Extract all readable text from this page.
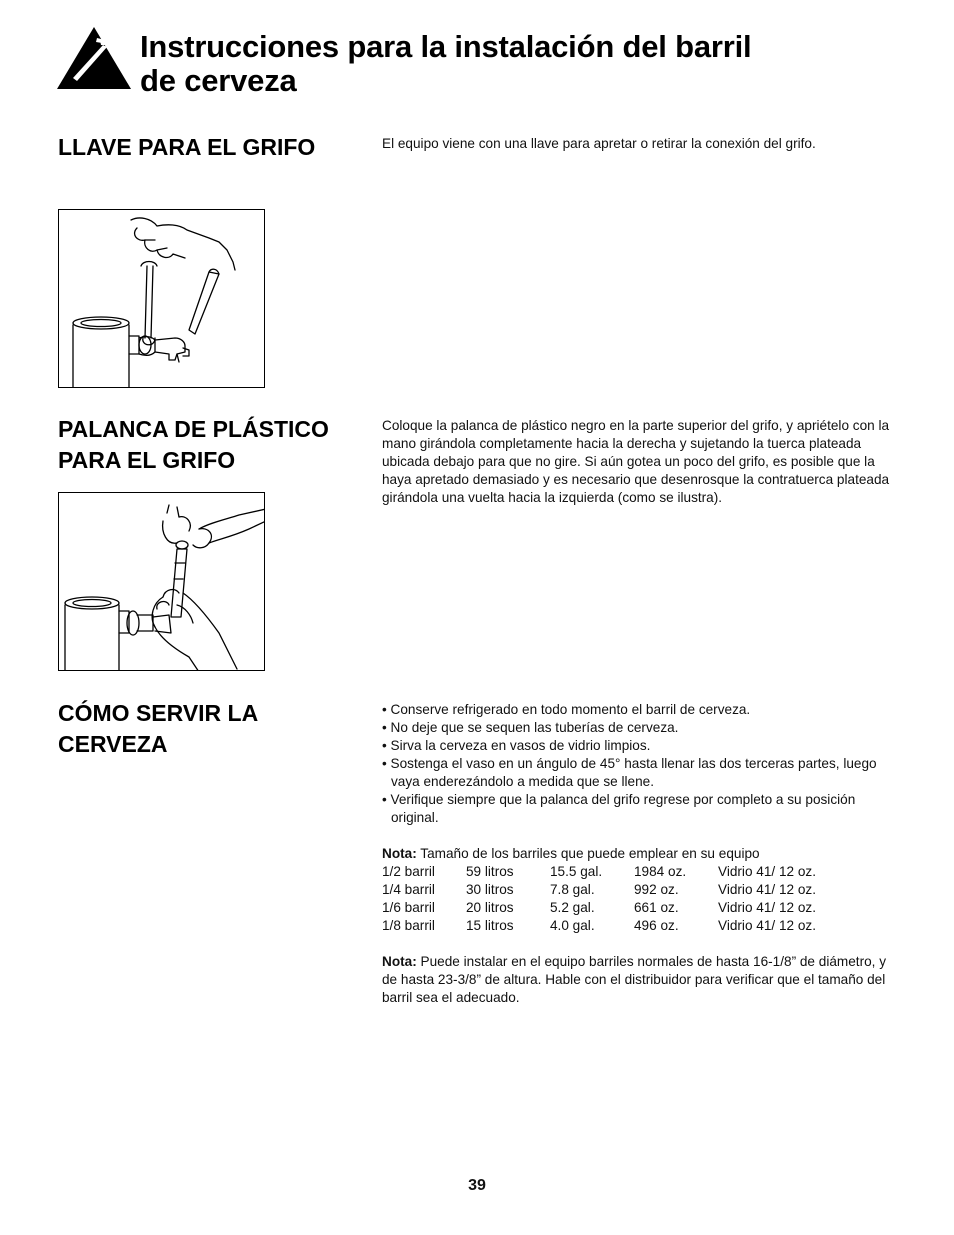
Instrucciones para la instalación del barril
de cerveza
LLAVE PARA EL GRIFO	El equipo viene con una llave para apretar o retirar la conexión del grifo.

PALANCA DE PLÁSTICO
PARA EL GRIFO

Coloque la palanca de plástico negro en la parte superior del grifo, y apriételo con la mano girándola completamente hacia la derecha y sujetando la tuerca plateada ubicada debajo para que no gire. Si aún gotea un poco del grifo, es posible que la haya apretado demasiado y es necesario que desenrosque la contratuerca plateada girándola una vuelta hacia la izquierda (como se ilustra).

CÓMO SERVIR LA
CERVEZA
• Conserve refrigerado en todo momento el barril de cerveza.
• No deje que se sequen las tuberías de cerveza.
• Sirva la cerveza en vasos de vidrio limpios.
• Sostenga el vaso en un ángulo de 45° hasta llenar las dos terceras partes, luego vaya enderezándolo a medida que se llene.
• Verifique siempre que la palanca del grifo regrese por completo a su posición original.
Nota: Tamaño de los barriles que puede emplear en su equipo
1/2 barril	59 litros	15.5 gal.	1984 oz.	Vidrio 41/ 12 oz.
1/4 barril	30 litros	7.8 gal.	992 oz.	Vidrio 41/ 12 oz.
1/6 barril	20 litros	5.2 gal.	661 oz.	Vidrio 41/ 12 oz.
1/8 barril	15 litros	4.0 gal.	496 oz.	Vidrio 41/ 12 oz.
Nota: Puede instalar en el equipo barriles normales de hasta 16-1/8” de diámetro, y de hasta 23-3/8” de altura. Hable con el distribuidor para verificar que el tamaño del barril sea el adecuado.
39
